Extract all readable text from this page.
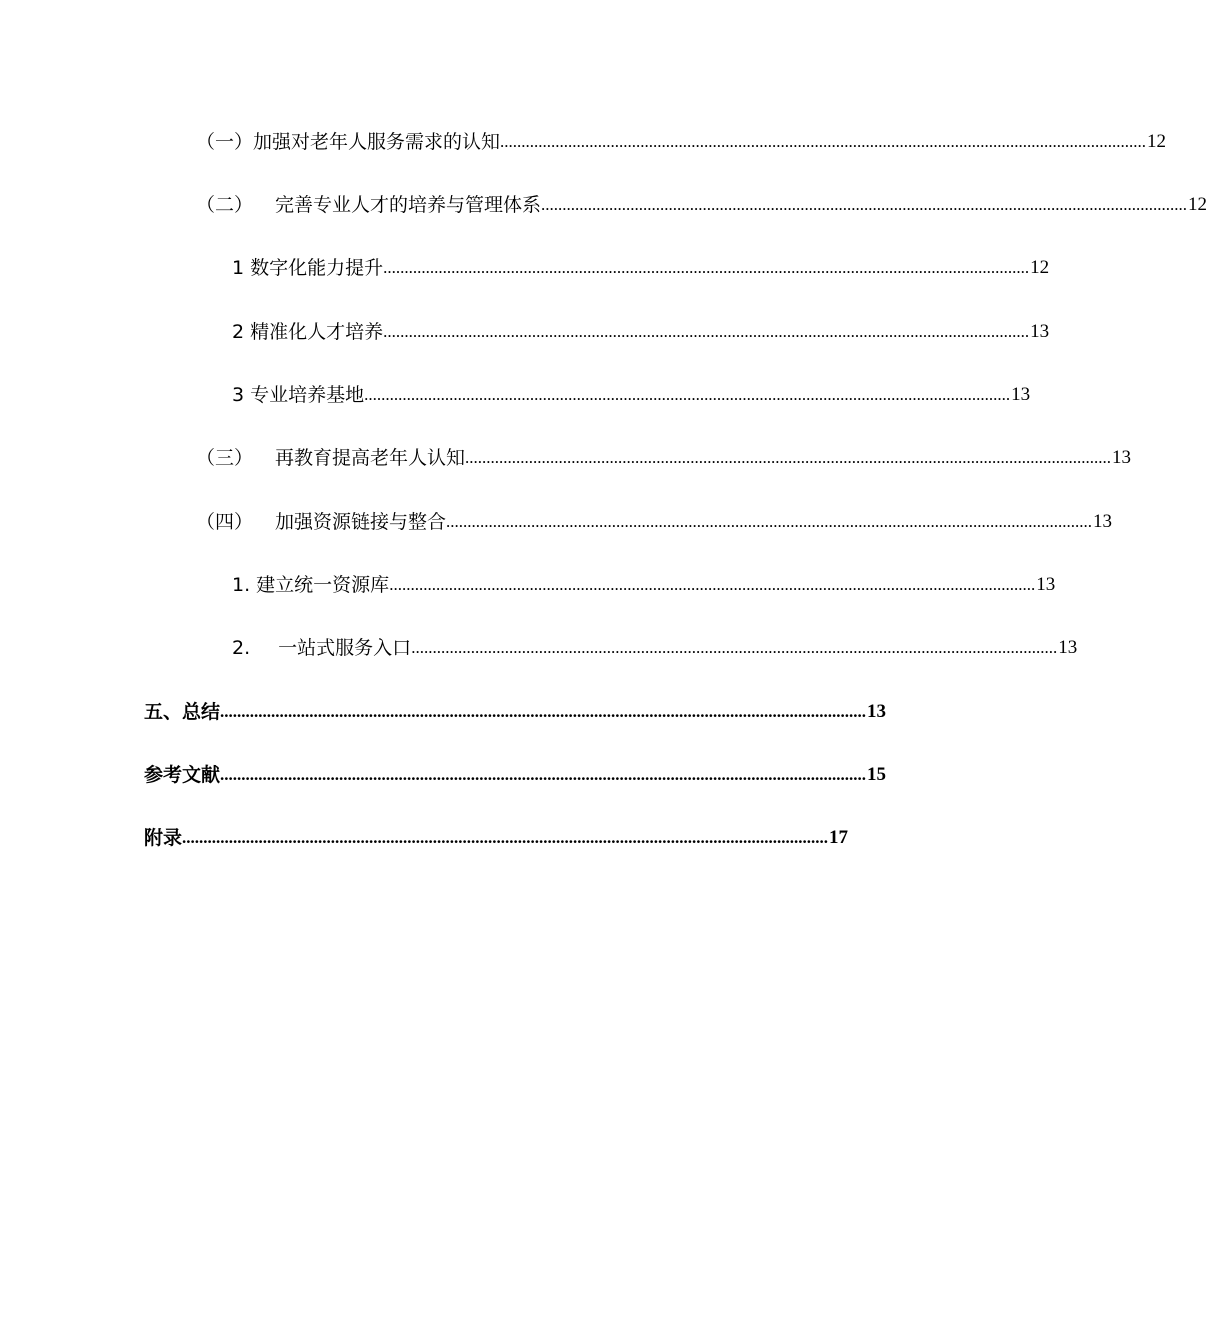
（一）加强对老年人服务需求的认知 ........................................................................................................................................................ 12
（二） 完善专业人才的培养与管理体系 ........................................................................................................................................................ 12
1 数字化能力提升 ........................................................................................................................................................ 12
2 精准化人才培养 ........................................................................................................................................................ 13
3 专业培养基地 ........................................................................................................................................................ 13
（三） 再教育提高老年人认知 ........................................................................................................................................................ 13
（四） 加强资源链接与整合 ........................................................................................................................................................ 13
1. 建立统一资源库 ........................................................................................................................................................ 13
2. 一站式服务入口 ........................................................................................................................................................ 13
五、总结 ........................................................................................................................................................ 13
参考文献 ........................................................................................................................................................ 15
附录 ........................................................................................................................................................ 17
